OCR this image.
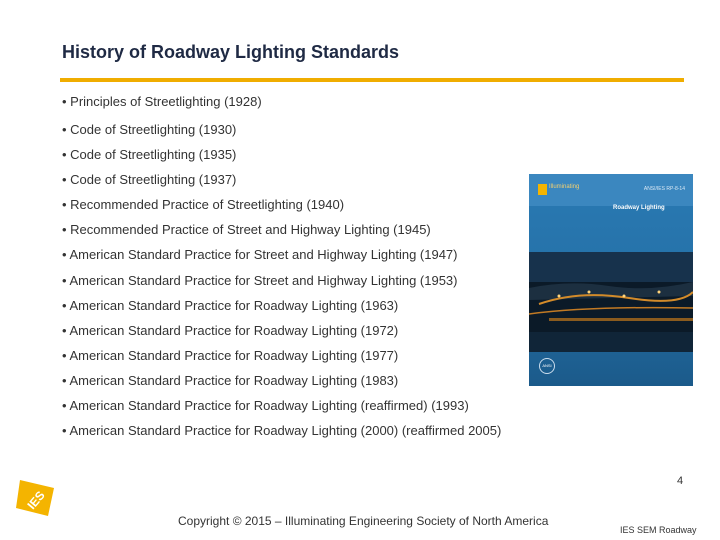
History of Roadway Lighting Standards
• Principles of Streetlighting (1928)
• Code of Streetlighting (1930)
• Code of Streetlighting (1935)
• Code of Streetlighting (1937)
• Recommended Practice of Streetlighting (1940)
• Recommended Practice of Street and Highway Lighting (1945)
• American Standard Practice for Street and Highway Lighting (1947)
• American Standard Practice for Street and Highway Lighting (1953)
• American Standard Practice for Roadway Lighting (1963)
• American Standard Practice for Roadway Lighting (1972)
• American Standard Practice for Roadway Lighting (1977)
• American Standard Practice for Roadway Lighting (1983)
• American Standard Practice for Roadway Lighting (reaffirmed) (1993)
• American Standard Practice for Roadway Lighting (2000) (reaffirmed 2005)
Illuminating	ANSI/IES RP-8-14
Roadway Lighting
ANSI
IES
Copyright © 2015 – Illuminating Engineering Society of North America
4
IES SEM Roadway
